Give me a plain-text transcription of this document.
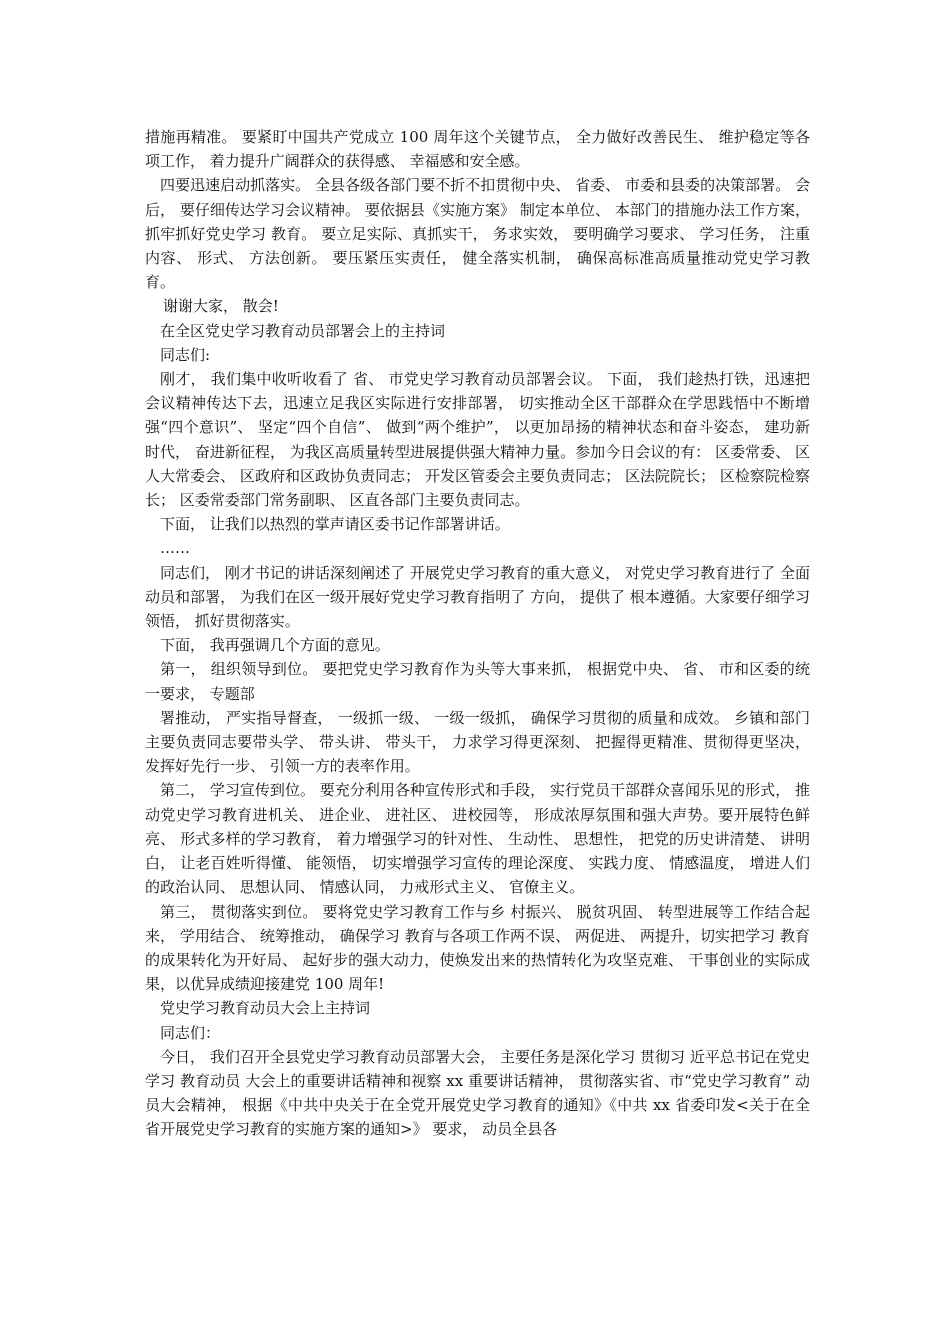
措施再精准。 要紧盯中国共产党成立 100 周年这个关键节点， 全力做好改善民生、 维护稳定等各项工作， 着力提升广阔群众的获得感、 幸福感和安全感。

四要迅速启动抓落实。 全县各级各部门要不折不扣贯彻中央、 省委、 市委和县委的决策部署。 会后， 要仔细传达学习会议精神。 要依据县《实施方案》 制定本单位、 本部门的措施办法工作方案， 抓牢抓好党史学习 教育。 要立足实际、真抓实干， 务求实效， 要明确学习要求、 学习任务， 注重内容、 形式、 方法创新。 要压紧压实责任， 健全落实机制， 确保高标准高质量推动党史学习教育。

谢谢大家， 散会!

在全区党史学习教育动员部署会上的主持词

同志们:

刚才， 我们集中收听收看了 省、 市党史学习教育动员部署会议。 下面， 我们趁热打铁，迅速把会议精神传达下去，迅速立足我区实际进行安排部署， 切实推动全区干部群众在学思践悟中不断增强“四个意识”、 坚定“四个自信”、 做到“两个维护”， 以更加昂扬的精神状态和奋斗姿态， 建功新时代， 奋进新征程， 为我区高质量转型进展提供强大精神力量。参加今日会议的有： 区委常委、 区人大常委会、 区政府和区政协负责同志； 开发区管委会主要负责同志； 区法院院长； 区检察院检察长； 区委常委部门常务副职、 区直各部门主要负责同志。

下面， 让我们以热烈的掌声请区委书记作部署讲话。

……

同志们， 刚才书记的讲话深刻阐述了 开展党史学习教育的重大意义， 对党史学习教育进行了 全面动员和部署， 为我们在区一级开展好党史学习教育指明了 方向， 提供了 根本遵循。大家要仔细学习领悟， 抓好贯彻落实。

下面， 我再强调几个方面的意见。

第一， 组织领导到位。 要把党史学习教育作为头等大事来抓， 根据党中央、 省、 市和区委的统一要求， 专题部

署推动， 严实指导督查， 一级抓一级、 一级一级抓， 确保学习贯彻的质量和成效。 乡镇和部门主要负责同志要带头学、 带头讲、 带头干， 力求学习得更深刻、 把握得更精准、贯彻得更坚决， 发挥好先行一步、 引领一方的表率作用。

第二， 学习宣传到位。 要充分利用各种宣传形式和手段， 实行党员干部群众喜闻乐见的形式， 推动党史学习教育进机关、 进企业、 进社区、 进校园等， 形成浓厚氛围和强大声势。要开展特色鲜亮、 形式多样的学习教育， 着力增强学习的针对性、 生动性、 思想性， 把党的历史讲清楚、 讲明白， 让老百姓听得懂、 能领悟， 切实增强学习宣传的理论深度、 实践力度、 情感温度， 增进人们的政治认同、 思想认同、 情感认同， 力戒形式主义、 官僚主义。

第三， 贯彻落实到位。 要将党史学习教育工作与乡 村振兴、 脱贫巩固、 转型进展等工作结合起来， 学用结合、 统筹推动， 确保学习 教育与各项工作两不误、 两促进、 两提升，切实把学习 教育的成果转化为开好局、 起好步的强大动力，使焕发出来的热情转化为攻坚克难、 干事创业的实际成果，以优异成绩迎接建党 100 周年!

党史学习教育动员大会上主持词

同志们：

今日， 我们召开全县党史学习教育动员部署大会， 主要任务是深化学习 贯彻习 近平总书记在党史学习 教育动员 大会上的重要讲话精神和视察 xx 重要讲话精神， 贯彻落实省、市“党史学习教育” 动员大会精神， 根据《中共中央关于在全党开展党史学习教育的通知》《中共 xx 省委印发<关于在全省开展党史学习教育的实施方案的通知>》 要求， 动员全县各
